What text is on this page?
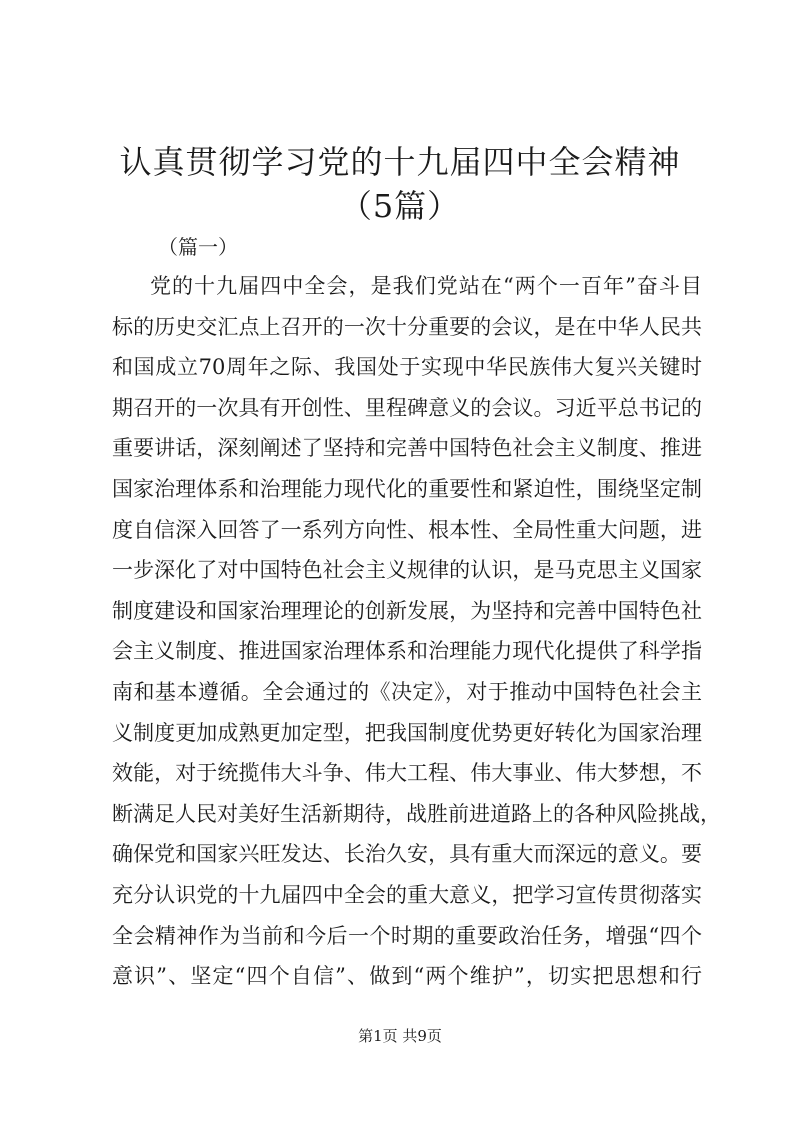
认真贯彻学习党的十九届四中全会精神（5篇）

（篇一）

党的十九届四中全会，是我们党站在“两个一百年”奋斗目
标的历史交汇点上召开的一次十分重要的会议，是在中华人民共
和国成立70周年之际、我国处于实现中华民族伟大复兴关键时
期召开的一次具有开创性、里程碑意义的会议。习近平总书记的
重要讲话，深刻阐述了坚持和完善中国特色社会主义制度、推进
国家治理体系和治理能力现代化的重要性和紧迫性，围绕坚定制
度自信深入回答了一系列方向性、根本性、全局性重大问题，进
一步深化了对中国特色社会主义规律的认识，是马克思主义国家
制度建设和国家治理理论的创新发展，为坚持和完善中国特色社
会主义制度、推进国家治理体系和治理能力现代化提供了科学指
南和基本遵循。全会通过的《决定》，对于推动中国特色社会主
义制度更加成熟更加定型，把我国制度优势更好转化为国家治理
效能，对于统揽伟大斗争、伟大工程、伟大事业、伟大梦想，不
断满足人民对美好生活新期待，战胜前进道路上的各种风险挑战，
确保党和国家兴旺发达、长治久安，具有重大而深远的意义。要
充分认识党的十九届四中全会的重大意义，把学习宣传贯彻落实
全会精神作为当前和今后一个时期的重要政治任务，增强“四个
意识”、坚定“四个自信”、做到“两个维护”，切实把思想和行
第1页 共9页
